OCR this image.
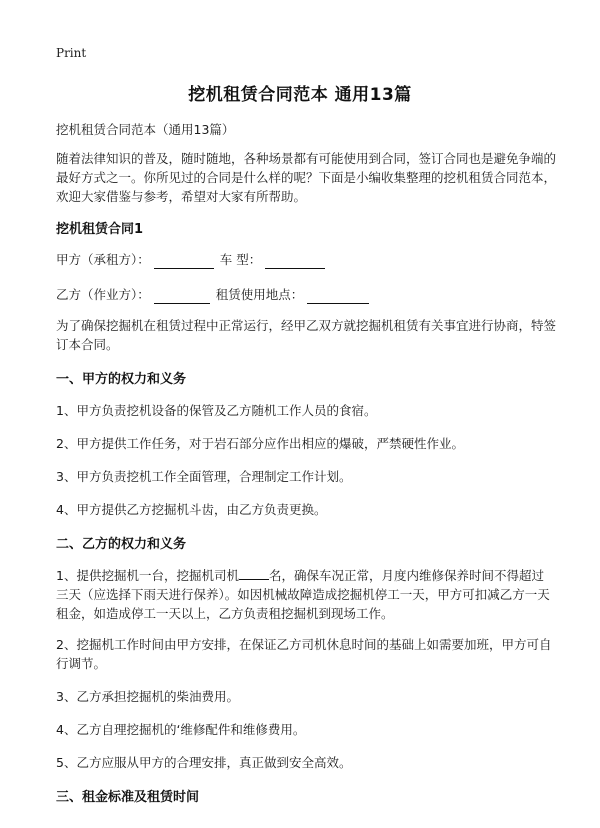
Print
挖机租赁合同范本 通用13篇

挖机租赁合同范本（通用13篇）

随着法律知识的普及，随时随地，各种场景都有可能使用到合同，签订合同也是避免争端的最好方式之一。你所见过的合同是什么样的呢？下面是小编收集整理的挖机租赁合同范本，欢迎大家借鉴与参考，希望对大家有所帮助。

挖机租赁合同1

甲方（承租方）：	车 型：
乙方（作业方）：	租赁使用地点：

为了确保挖掘机在租赁过程中正常运行，经甲乙双方就挖掘机租赁有关事宜进行协商，特签订本合同。

一、甲方的权力和义务

1、甲方负责挖机设备的保管及乙方随机工作人员的食宿。

2、甲方提供工作任务，对于岩石部分应作出相应的爆破，严禁硬性作业。

3、甲方负责挖机工作全面管理，合理制定工作计划。

4、甲方提供乙方挖掘机斗齿，由乙方负责更换。

二、乙方的权力和义务

1、提供挖掘机一台，挖掘机司机 名，确保车况正常，月度内维修保养时间不得超过三天（应选择下雨天进行保养）。如因机械故障造成挖掘机停工一天，甲方可扣减乙方一天租金，如造成停工一天以上，乙方负责租挖掘机到现场工作。

2、挖掘机工作时间由甲方安排，在保证乙方司机休息时间的基础上如需要加班，甲方可自行调节。

3、乙方承担挖掘机的柴油费用。

4、乙方自理挖掘机的‘维修配件和维修费用。

5、乙方应服从甲方的合理安排，真正做到安全高效。

三、租金标准及租赁时间
